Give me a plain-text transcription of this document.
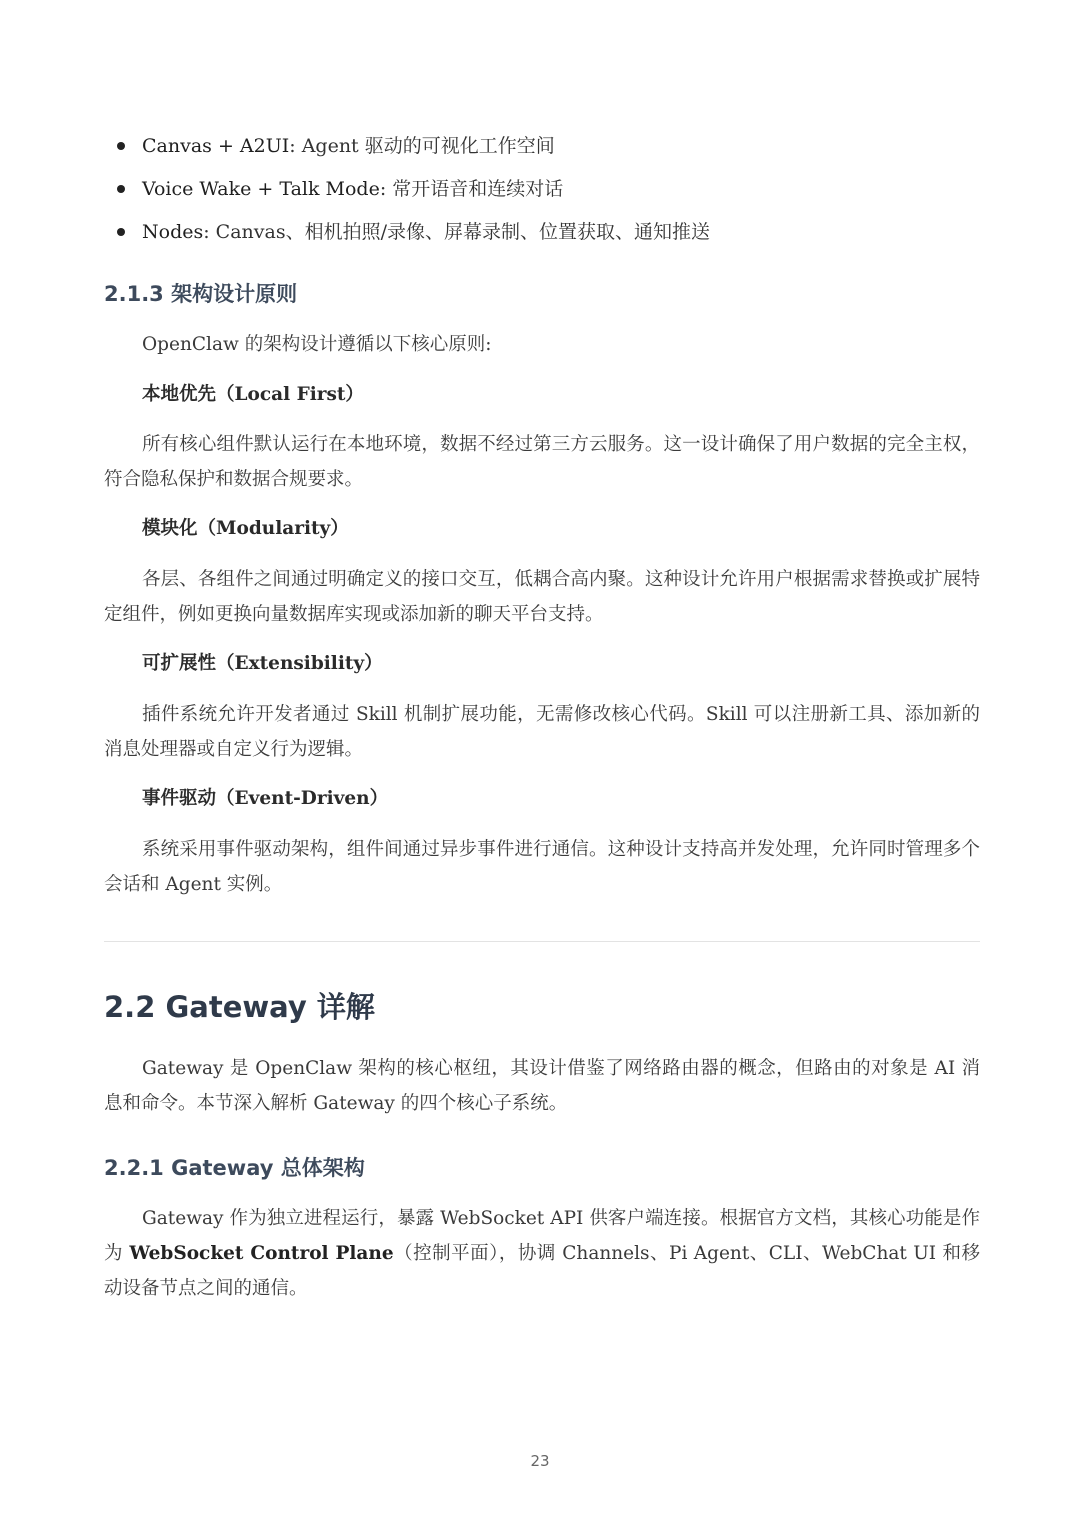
Canvas + A2UI: Agent 驱动的可视化工作空间
Voice Wake + Talk Mode: 常开语音和连续对话
Nodes: Canvas、相机拍照/录像、屏幕录制、位置获取、通知推送
2.1.3 架构设计原则

OpenClaw 的架构设计遵循以下核心原则:

本地优先（Local First）

所有核心组件默认运行在本地环境，数据不经过第三方云服务。这一设计确保了用户数据的完全主权，符合隐私保护和数据合规要求。

模块化（Modularity）

各层、各组件之间通过明确定义的接口交互，低耦合高内聚。这种设计允许用户根据需求替换或扩展特定组件，例如更换向量数据库实现或添加新的聊天平台支持。

可扩展性（Extensibility）

插件系统允许开发者通过 Skill 机制扩展功能，无需修改核心代码。Skill 可以注册新工具、添加新的消息处理器或自定义行为逻辑。

事件驱动（Event-Driven）

系统采用事件驱动架构，组件间通过异步事件进行通信。这种设计支持高并发处理，允许同时管理多个会话和 Agent 实例。

2.2 Gateway 详解

Gateway 是 OpenClaw 架构的核心枢纽，其设计借鉴了网络路由器的概念，但路由的对象是 AI 消息和命令。本节深入解析 Gateway 的四个核心子系统。

2.2.1 Gateway 总体架构

Gateway 作为独立进程运行，暴露 WebSocket API 供客户端连接。根据官方文档，其核心功能是作为 WebSocket Control Plane（控制平面），协调 Channels、Pi Agent、CLI、WebChat UI 和移动设备节点之间的通信。

23
